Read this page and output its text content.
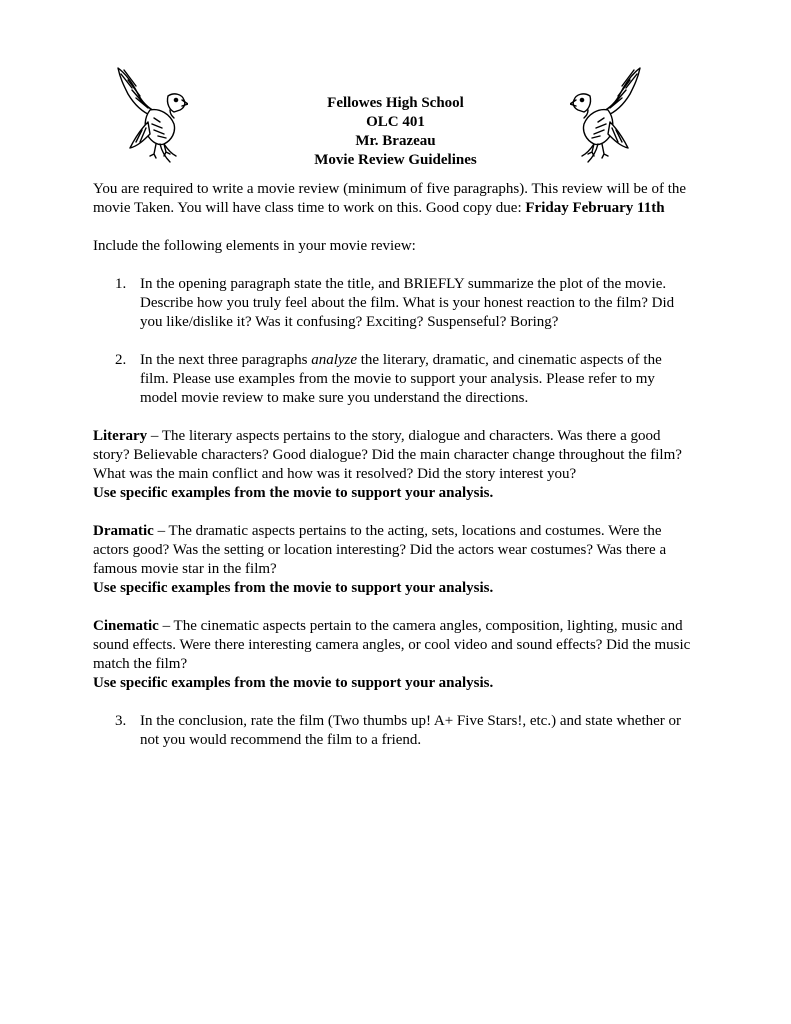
Fellowes High School
OLC 401
Mr. Brazeau
Movie Review Guidelines

You are required to write a movie review (minimum of five paragraphs). This review will be of the movie Taken. You will have class time to work on this. Good copy due: Friday February 11th

Include the following elements in your movie review:

1. In the opening paragraph state the title, and BRIEFLY summarize the plot of the movie. Describe how you truly feel about the film. What is your honest reaction to the film? Did you like/dislike it? Was it confusing? Exciting? Suspenseful? Boring?
2. In the next three paragraphs analyze the literary, dramatic, and cinematic aspects of the film. Please use examples from the movie to support your analysis. Please refer to my model movie review to make sure you understand the directions.

Literary – The literary aspects pertains to the story, dialogue and characters. Was there a good story? Believable characters? Good dialogue? Did the main character change throughout the film? What was the main conflict and how was it resolved? Did the story interest you?

Use specific examples from the movie to support your analysis.

Dramatic – The dramatic aspects pertains to the acting, sets, locations and costumes. Were the actors good? Was the setting or location interesting? Did the actors wear costumes? Was there a famous movie star in the film?

Use specific examples from the movie to support your analysis.

Cinematic – The cinematic aspects pertain to the camera angles, composition, lighting, music and sound effects. Were there interesting camera angles, or cool video and sound effects? Did the music match the film?

Use specific examples from the movie to support your analysis.

3. In the conclusion, rate the film (Two thumbs up! A+ Five Stars!, etc.) and state whether or not you would recommend the film to a friend.
